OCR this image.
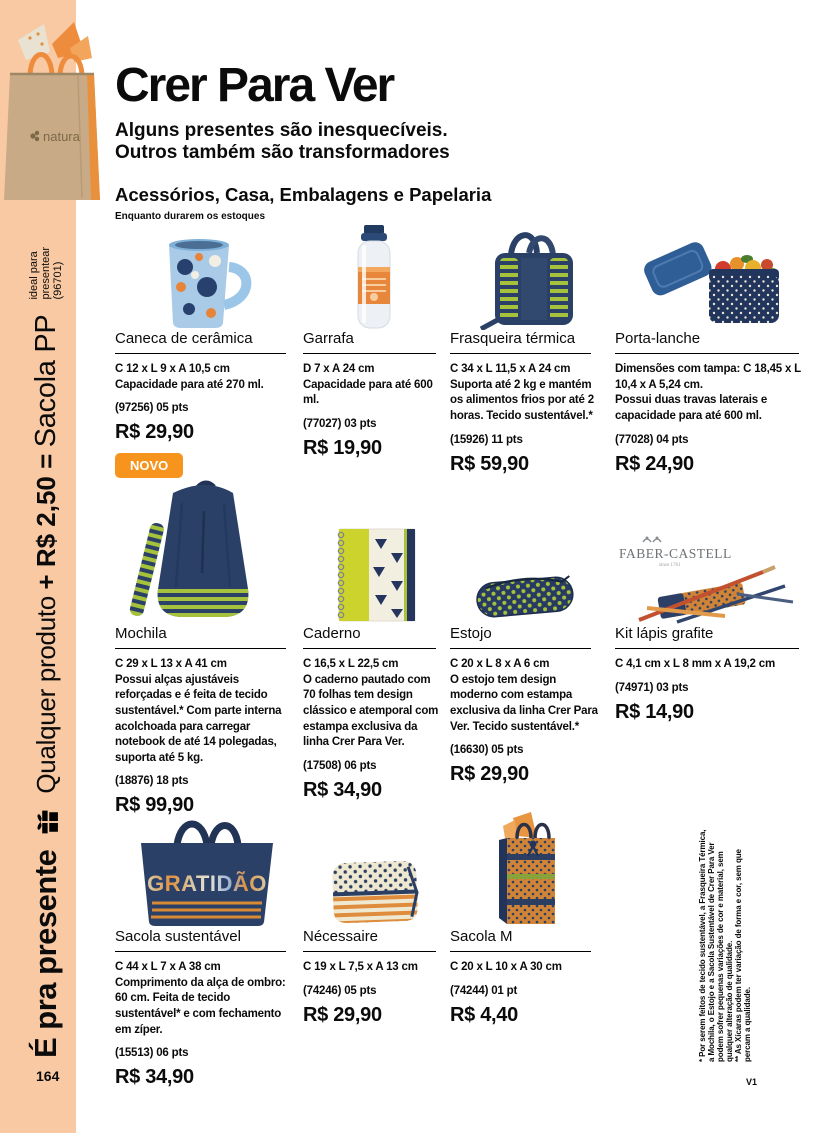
É pra presente
Qualquer produto + R$ 2,50 = Sacola PP
ideal para presentear (96701)
164
natura
Crer Para Ver

Alguns presentes são inesquecíveis.
Outros também são transformadores

Acessórios, Casa, Embalagens e Papelaria

Enquanto durarem os estoques

Caneca de cerâmica

C 12 x L 9 x A 10,5 cm

Capacidade para até 270 ml.

(97256) 05 pts

R$ 29,90

NOVO
Garrafa

D 7 x A 24 cm

Capacidade para até 600 ml.

(77027) 03 pts

R$ 19,90

Frasqueira térmica

C 34 x L 11,5 x A 24 cm

Suporta até 2 kg e mantém os alimentos frios por até 2 horas. Tecido sustentável.*

(15926) 11 pts

R$ 59,90

Porta-lanche

Dimensões com tampa: C 18,45 x L 10,4 x A 5,24 cm.

Possui duas travas laterais e capacidade para até 600 ml.

(77028) 04 pts

R$ 24,90

Mochila

C 29 x L 13 x A 41 cm

Possui alças ajustáveis reforçadas e é feita de tecido sustentável.* Com parte interna acolchoada para carregar notebook de até 14 polegadas, suporta até 5 kg.

(18876) 18 pts

R$ 99,90

Caderno

C 16,5 x L 22,5 cm

O caderno pautado com 70 folhas tem design clássico e atemporal com estampa exclusiva da linha Crer Para Ver.

(17508) 06 pts

R$ 34,90

Estojo

C 20 x L 8 x A 6 cm

O estojo tem design moderno com estampa exclusiva da linha Crer Para Ver. Tecido sustentável.*

(16630) 05 pts

R$ 29,90

FABER-CASTELL
since 1761
Kit lápis grafite

C 4,1 cm x L 8 mm x A 19,2 cm

(74971) 03 pts

R$ 14,90

GRATIDÃO
Sacola sustentável

C 44 x L 7 x A 38 cm

Comprimento da alça de ombro: 60 cm. Feita de tecido sustentável* e com fechamento em zíper.

(15513) 06 pts

R$ 34,90

Nécessaire

C 19 x L 7,5 x A 13 cm

(74246) 05 pts

R$ 29,90

Sacola M

C 20 x L 10 x A 30 cm

(74244) 01 pt

R$ 4,40	* Por serem feitos de tecido sustentável, a Frasqueira Térmica, a Mochila, o Estojo e a Sacola Sustentável de Crer Para Ver podem sofrer pequenas variações de cor e material, sem qualquer alteração de qualidade. ** As Xícaras podem ter variação de forma e cor, sem que percam a qualidade.
V1
